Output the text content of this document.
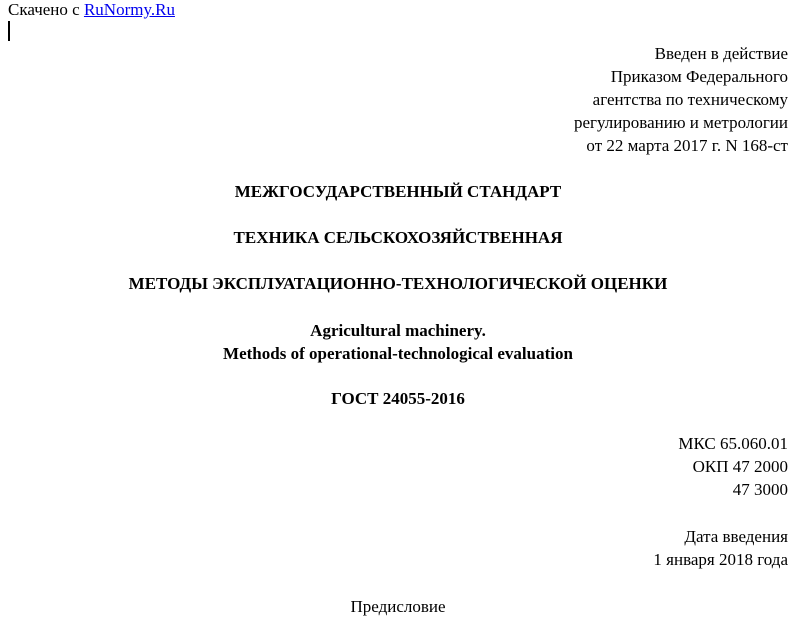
Скачено с RuNormy.Ru
Введен в действие
Приказом Федерального
агентства по техническому
регулированию и метрологии
от 22 марта 2017 г. N 168-ст
МЕЖГОСУДАРСТВЕННЫЙ СТАНДАРТ
ТЕХНИКА СЕЛЬСКОХОЗЯЙСТВЕННАЯ
МЕТОДЫ ЭКСПЛУАТАЦИОННО-ТЕХНОЛОГИЧЕСКОЙ ОЦЕНКИ
Agricultural machinery.
Methods of operational-technological evaluation
ГОСТ 24055-2016
МКС 65.060.01
ОКП 47 2000
47 3000
Дата введения
1 января 2018 года
Предисловие
